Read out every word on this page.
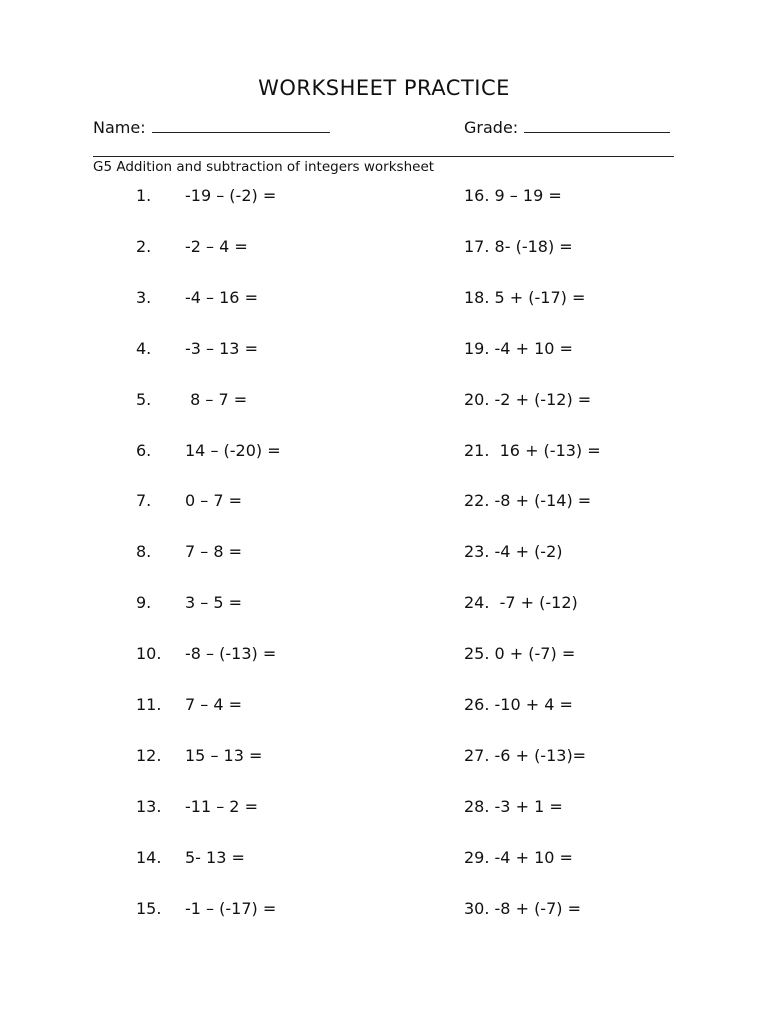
WORKSHEET PRACTICE
Name:	Grade:
G5 Addition and subtraction of integers worksheet
1. -19 – (-2) =	16. 9 – 19 =
2. -2 – 4 =	17. 8- (-18) =
3. -4 – 16 =	18. 5 + (-17) =
4. -3 – 13 =	19. -4 + 10 =
5. 8 – 7 =	20. -2 + (-12) =
6. 14 – (-20) =	21.  16 + (-13) =
7. 0 – 7 =	22. -8 + (-14) =
8. 7 – 8 =	23. -4 + (-2)
9. 3 – 5 =	24.  -7 + (-12)
10. -8 – (-13) =	25. 0 + (-7) =
11. 7 – 4 =	26. -10 + 4 =
12. 15 – 13 =	27. -6 + (-13)=
13. -11 – 2 =	28. -3 + 1 =
14. 5- 13 =	29. -4 + 10 =
15. -1 – (-17) =	30. -8 + (-7) =
